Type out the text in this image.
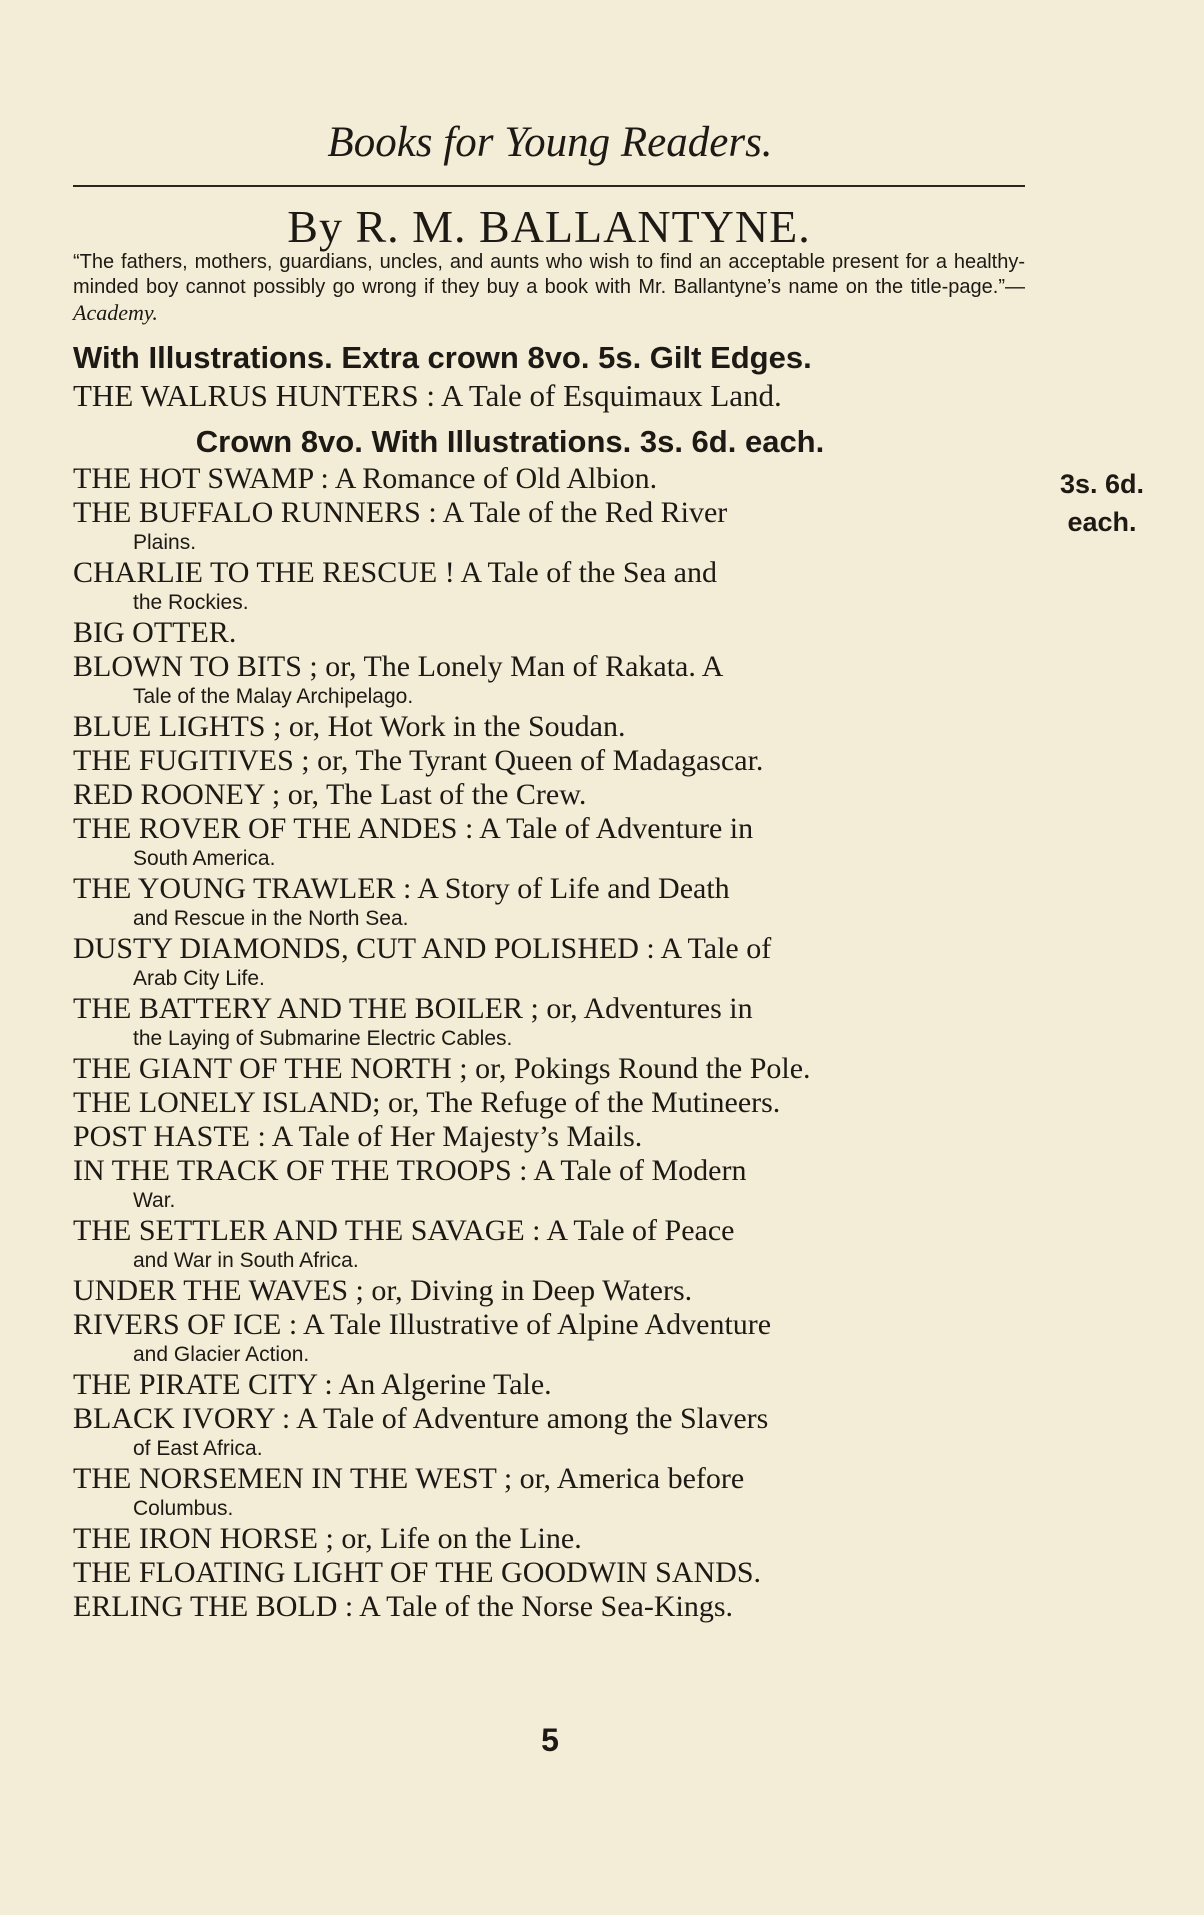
Books for Young Readers.
By R. M. BALLANTYNE.
“The fathers, mothers, guardians, uncles, and aunts who wish to find an acceptable present for a healthy-minded boy cannot possibly go wrong if they buy a book with Mr. Ballantyne’s name on the title-page.”—Academy.
With Illustrations. Extra crown 8vo. 5s. Gilt Edges.
THE WALRUS HUNTERS : A Tale of Esquimaux Land.
Crown 8vo. With Illustrations. 3s. 6d. each.
3s. 6d.
each.
THE HOT SWAMP : A Romance of Old Albion.
THE BUFFALO RUNNERS : A Tale of the Red River
Plains.
CHARLIE TO THE RESCUE ! A Tale of the Sea and
the Rockies.
BIG OTTER.
BLOWN TO BITS ; or, The Lonely Man of Rakata. A
Tale of the Malay Archipelago.
BLUE LIGHTS ; or, Hot Work in the Soudan.
THE FUGITIVES ; or, The Tyrant Queen of Madagascar.
RED ROONEY ; or, The Last of the Crew.
THE ROVER OF THE ANDES : A Tale of Adventure in
South America.
THE YOUNG TRAWLER : A Story of Life and Death
and Rescue in the North Sea.
DUSTY DIAMONDS, CUT AND POLISHED : A Tale of
Arab City Life.
THE BATTERY AND THE BOILER ; or, Adventures in
the Laying of Submarine Electric Cables.
THE GIANT OF THE NORTH ; or, Pokings Round the Pole.
THE LONELY ISLAND; or, The Refuge of the Mutineers.
POST HASTE : A Tale of Her Majesty’s Mails.
IN THE TRACK OF THE TROOPS : A Tale of Modern
War.
THE SETTLER AND THE SAVAGE : A Tale of Peace
and War in South Africa.
UNDER THE WAVES ; or, Diving in Deep Waters.
RIVERS OF ICE : A Tale Illustrative of Alpine Adventure
and Glacier Action.
THE PIRATE CITY : An Algerine Tale.
BLACK IVORY : A Tale of Adventure among the Slavers
of East Africa.
THE NORSEMEN IN THE WEST ; or, America before
Columbus.
THE IRON HORSE ; or, Life on the Line.
THE FLOATING LIGHT OF THE GOODWIN SANDS.
ERLING THE BOLD : A Tale of the Norse Sea-Kings.
5
